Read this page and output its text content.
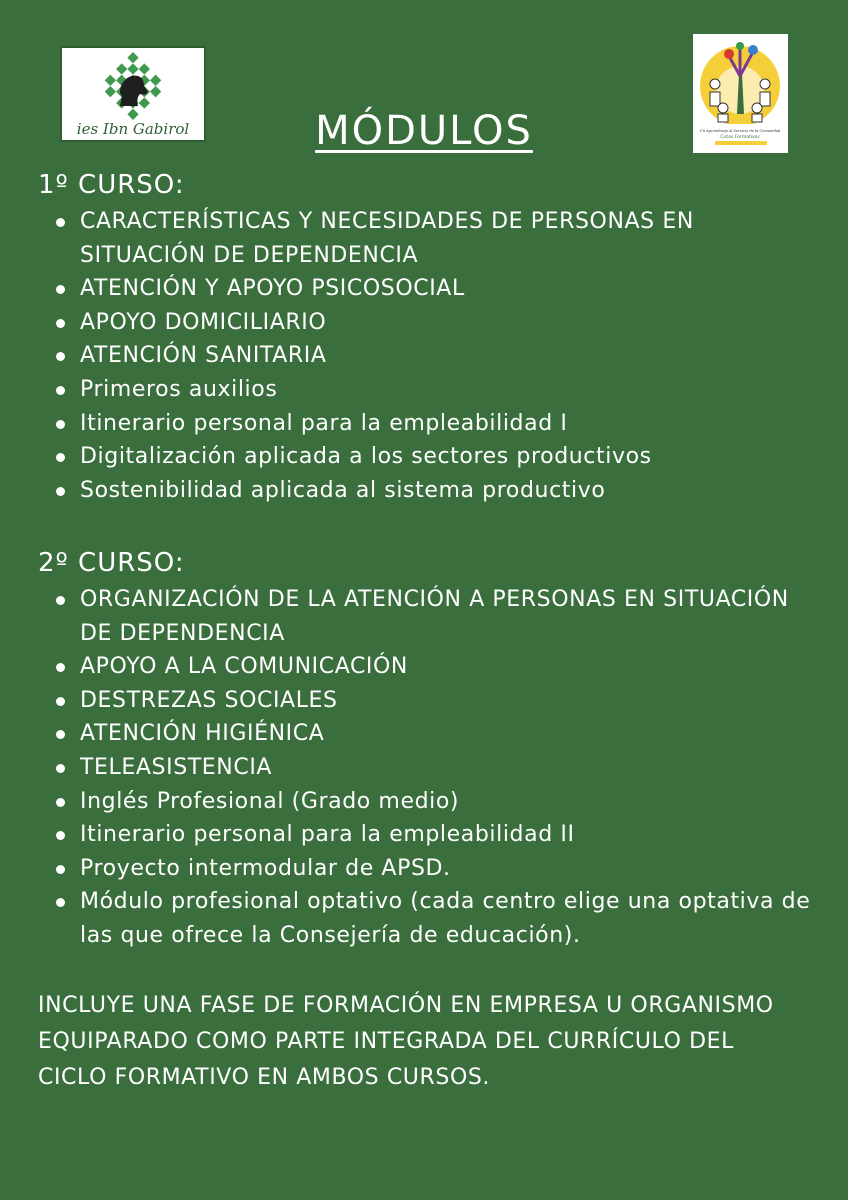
ies Ibn Gabirol	Un Aprendizaje al Servicio de la Comunidad
Ciclos Formativos
MÓDULOS
1º CURSO:
CARACTERÍSTICAS Y NECESIDADES DE PERSONAS EN SITUACIÓN DE DEPENDENCIA
ATENCIÓN Y APOYO PSICOSOCIAL
APOYO DOMICILIARIO
ATENCIÓN SANITARIA
Primeros auxilios
Itinerario personal para la empleabilidad I
Digitalización aplicada a los sectores productivos
Sostenibilidad aplicada al sistema productivo
2º CURSO:
ORGANIZACIÓN DE LA ATENCIÓN A PERSONAS EN SITUACIÓN DE DEPENDENCIA
APOYO A LA COMUNICACIÓN
DESTREZAS SOCIALES
ATENCIÓN HIGIÉNICA
TELEASISTENCIA
Inglés Profesional (Grado medio)
Itinerario personal para la empleabilidad II
Proyecto intermodular de APSD.
Módulo profesional optativo (cada centro elige una optativa de las que ofrece la Consejería de educación).

INCLUYE UNA FASE DE FORMACIÓN EN EMPRESA U ORGANISMO EQUIPARADO COMO PARTE INTEGRADA DEL CURRÍCULO DEL CICLO FORMATIVO EN AMBOS CURSOS.
